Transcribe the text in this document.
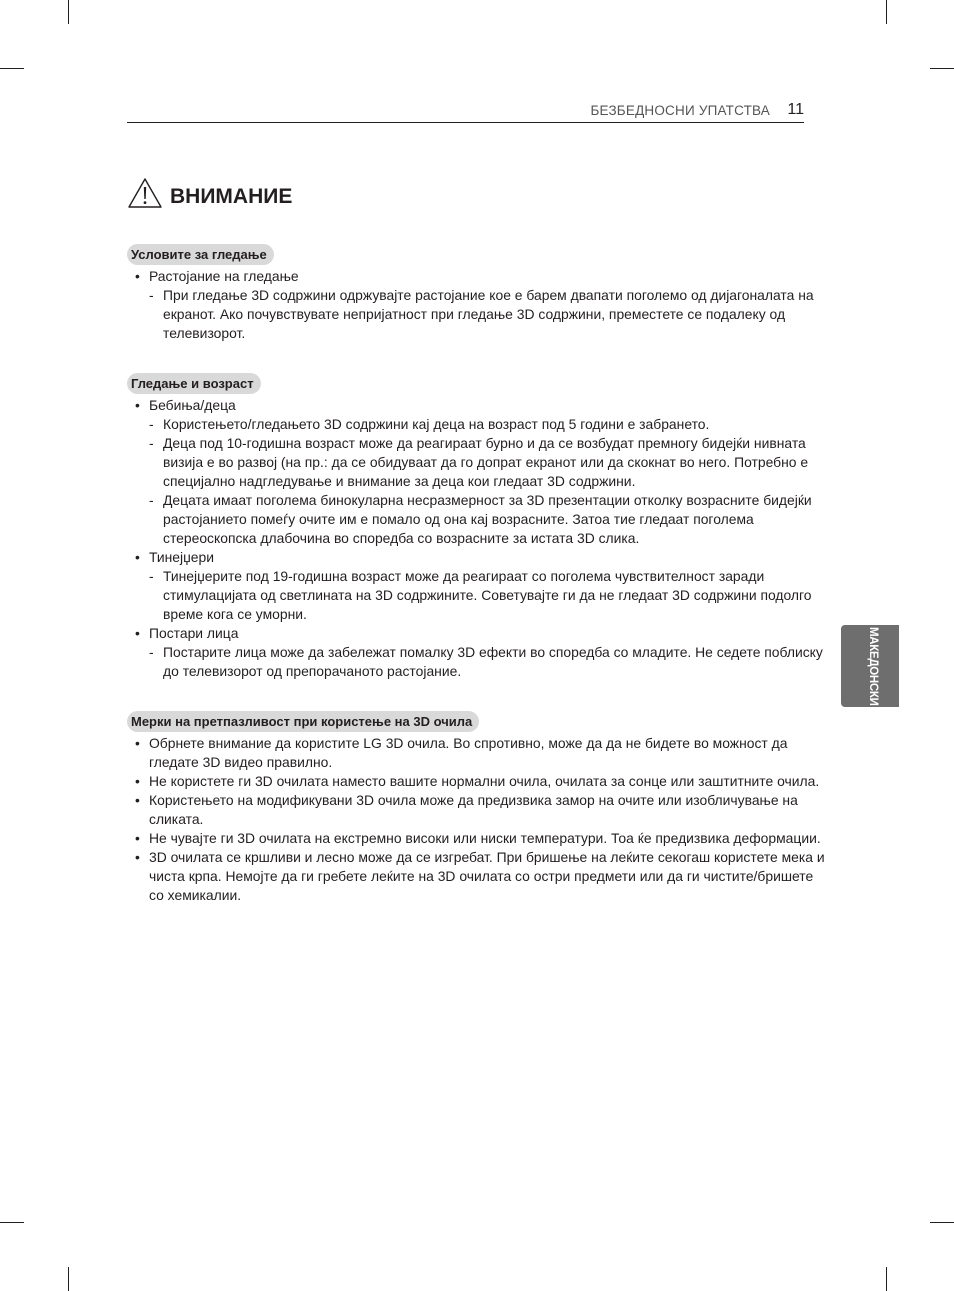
БЕЗБЕДНОСНИ УПАТСТВА 11
ВНИМАНИЕ
Условите за гледање
• Растојание на гледање
- При гледање 3D содржини одржувајте растојание кое е барем двапати поголемо од дијагоналата на екранот. Ако почувствувате непријатност при гледање 3D содржини, преместете се подалеку од телевизорот.
Гледање и возраст
• Бебиња/деца
- Користењето/гледањето 3D содржини кај деца на возраст под 5 години е забрането.
- Деца под 10-годишна возраст може да реагираат бурно и да се возбудат премногу бидејќи нивната визија е во развој (на пр.: да се обидуваат да го допрат екранот или да скокнат во него. Потребно е специјално надгледување и внимание за деца кои гледаат 3D содржини.
- Децата имаат поголема бинокуларна несразмерност за 3D презентации отколку возрасните бидејќи растојанието помеѓу очите им е помало од она кај возрасните. Затоа тие гледаат поголема стереоскопска длабочина во споредба со возрасните за истата 3D слика.
• Тинејџери
- Тинејџерите под 19-годишна возраст може да реагираат со поголема чувствителност заради стимулацијата од светлината на 3D содржините. Советувајте ги да не гледаат 3D содржини подолго време кога се уморни.
• Постари лица
- Постарите лица може да забележат помалку 3D ефекти во споредба со младите. Не седете поблиску до телевизорот од препорачаното растојание.
Мерки на претпазливост при користење на 3D очила
• Обрнете внимание да користите LG 3D очила. Во спротивно, може да да не бидете во можност да гледате 3D видео правилно.
• Не користете ги 3D очилата наместо вашите нормални очила, очилата за сонце или заштитните очила.
• Користењето на модификувани 3D очила може да предизвика замор на очите или изобличување на сликата.
• Не чувајте ги 3D очилата на екстремно високи или ниски температури. Тоа ќе предизвика деформации.
• 3D очилата се кршливи и лесно може да се изгребат. При бришење на леќите секогаш користете мека и чиста крпа. Немојте да ги гребете леќите на 3D очилата со остри предмети или да ги чистите/бришете со хемикалии.
МАКЕДОНСКИ
